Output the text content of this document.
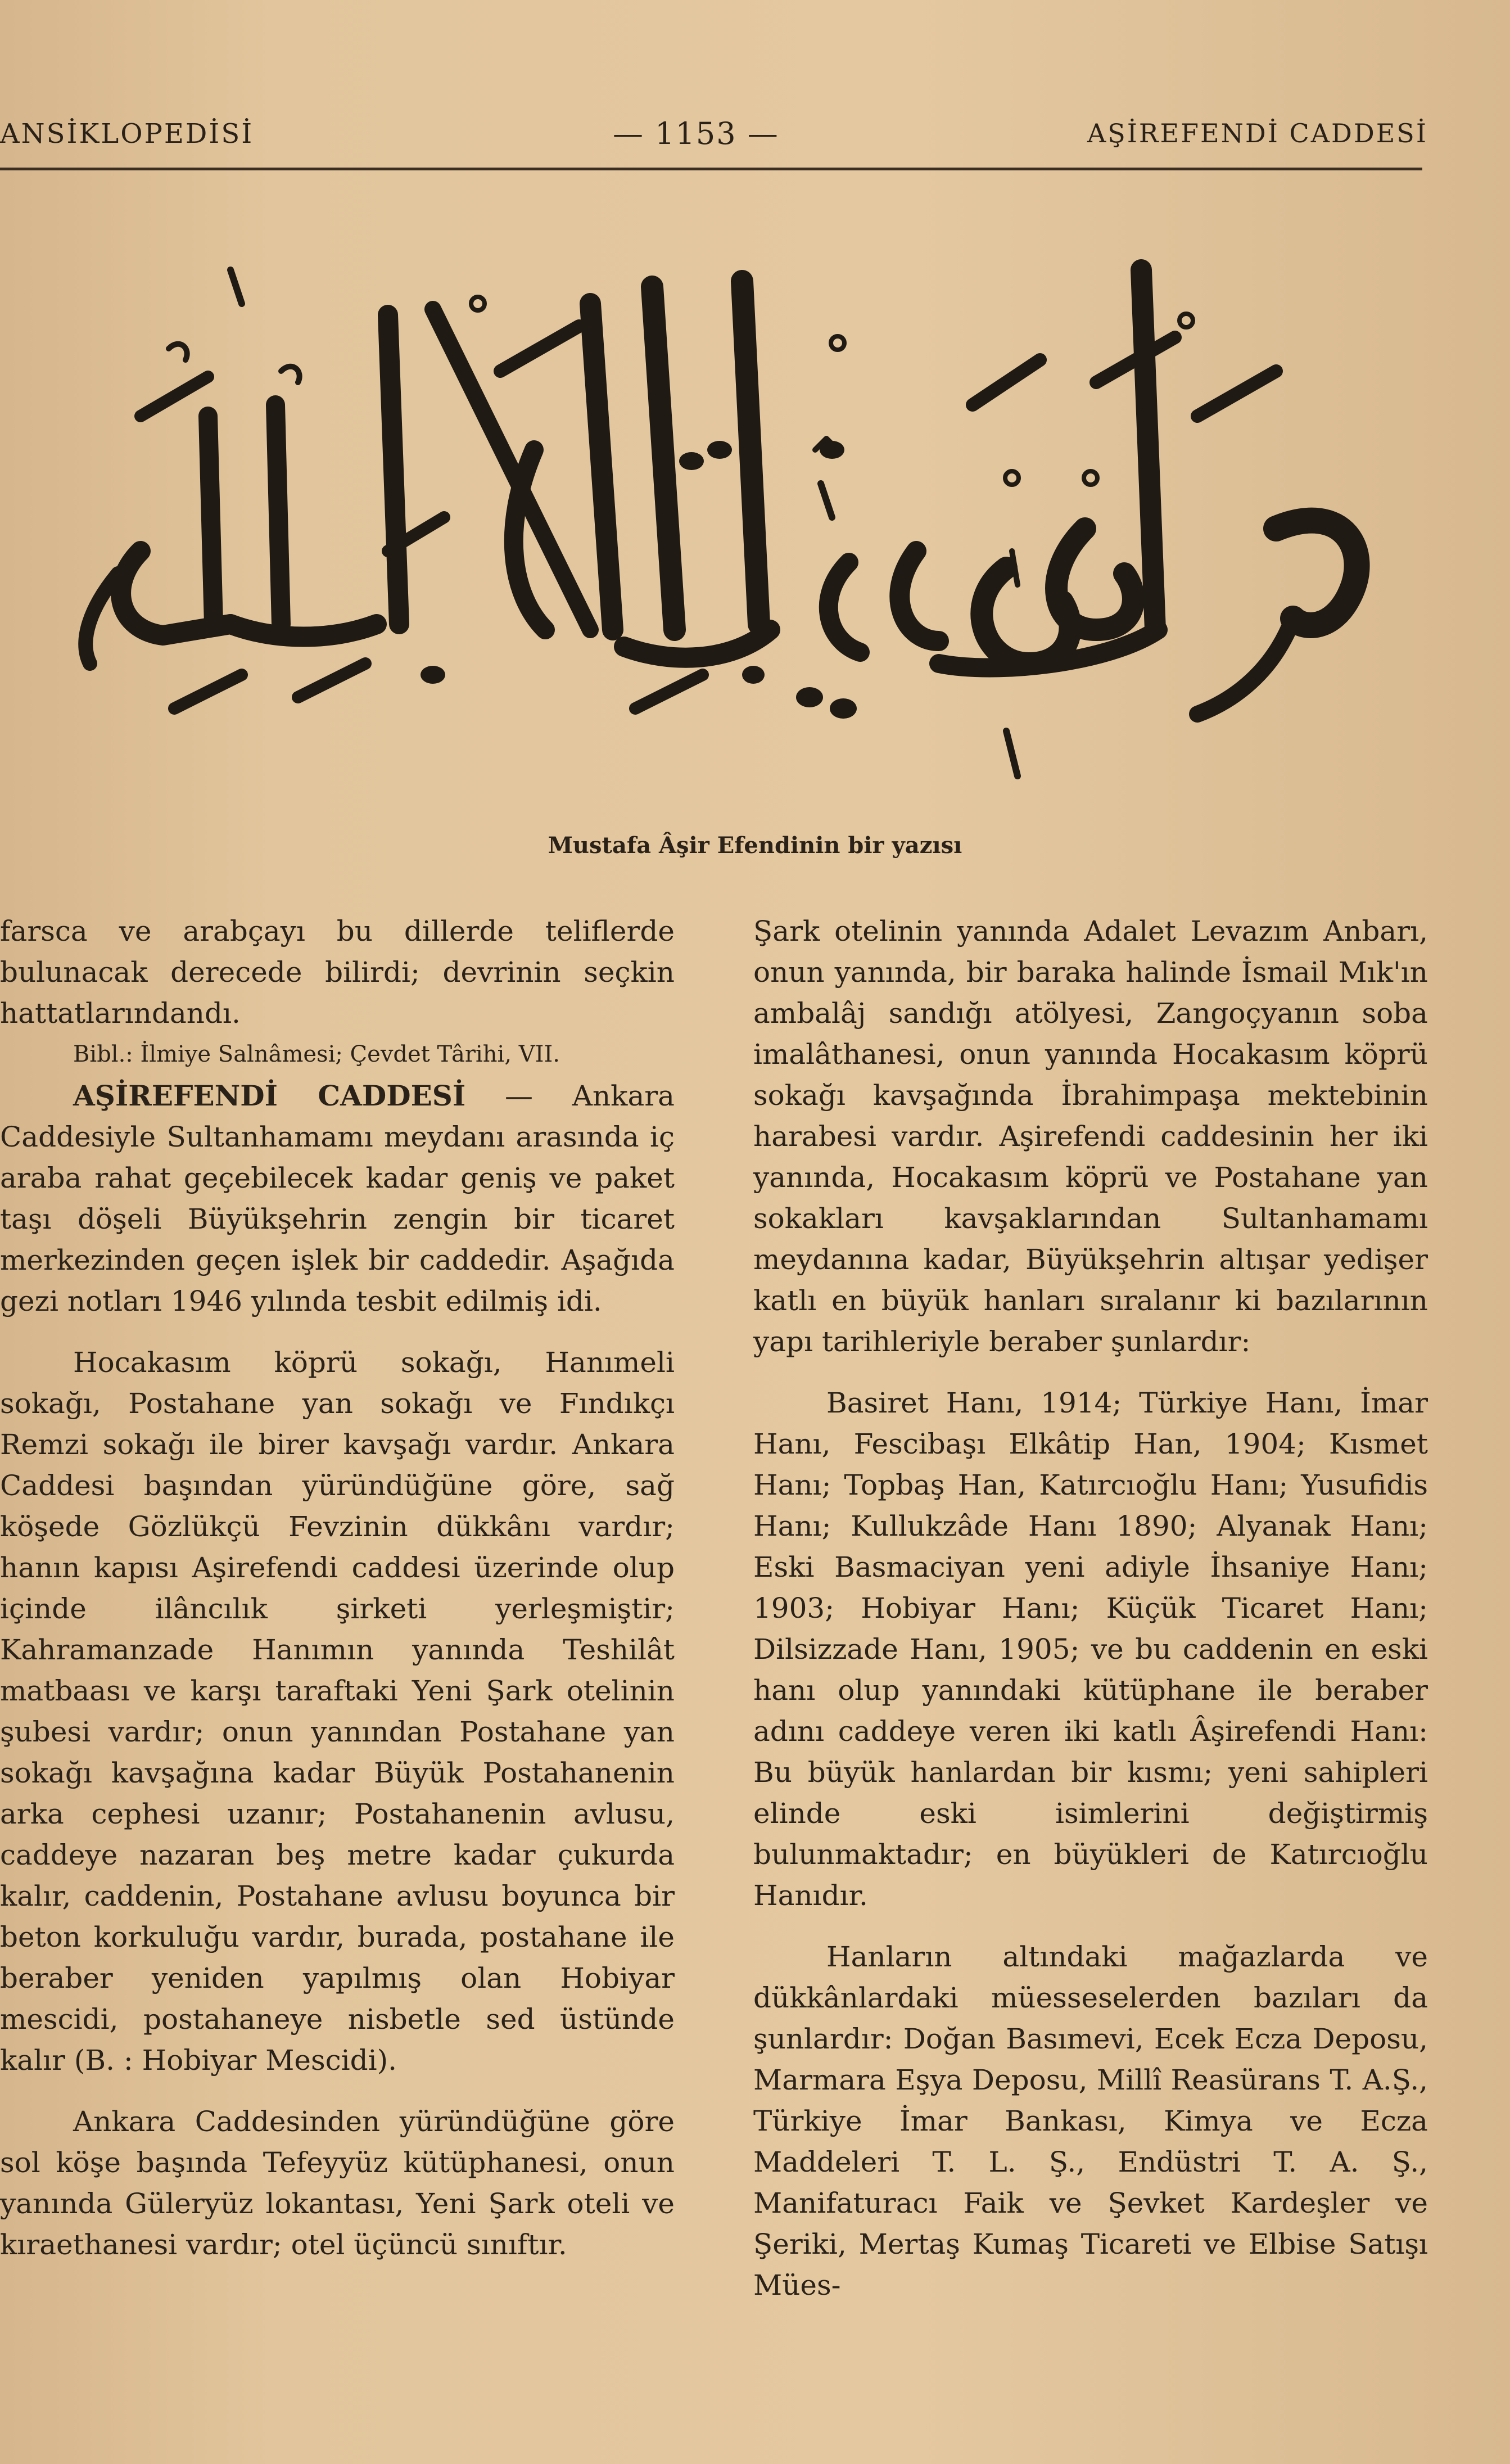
ANSİKLOPEDİSİ	— 1153 —	AŞİREFENDİ CADDESİ
Mustafa Âşir Efendinin bir yazısı

farsca ve arabçayı bu dillerde teliflerde bulunacak derecede bilirdi; devrinin seçkin hattatlarındandı.

Bibl.: İlmiye Salnâmesi; Çevdet Târihi, VII.

AŞİREFENDİ CADDESİ — Ankara Caddesiyle Sultanhamamı meydanı arasında iç araba rahat geçebilecek kadar geniş ve paket taşı döşeli Büyükşehrin zengin bir ticaret merkezinden geçen işlek bir caddedir. Aşağıda gezi notları 1946 yılında tesbit edilmiş idi.

Hocakasım köprü sokağı, Hanımeli sokağı, Postahane yan sokağı ve Fındıkçı Remzi sokağı ile birer kavşağı vardır. Ankara Caddesi başından yüründüğüne göre, sağ köşede Gözlükçü Fevzinin dükkânı vardır; hanın kapısı Aşirefendi caddesi üzerinde olup içinde ilâncılık şirketi yerleşmiştir; Kahramanzade Hanımın yanında Teshilât matbaası ve karşı taraftaki Yeni Şark otelinin şubesi vardır; onun yanından Postahane yan sokağı kavşağına kadar Büyük Postahanenin arka cephesi uzanır; Postahanenin avlusu, caddeye nazaran beş metre kadar çukurda kalır, caddenin, Postahane avlusu boyunca bir beton korkuluğu vardır, burada, postahane ile beraber yeniden yapılmış olan Hobiyar mescidi, postahaneye nisbetle sed üstünde kalır (B. : Hobiyar Mescidi).

Ankara Caddesinden yüründüğüne göre sol köşe başında Tefeyyüz kütüphanesi, onun yanında Güleryüz lokantası, Yeni Şark oteli ve kıraethanesi vardır; otel üçüncü sınıftır.

Şark otelinin yanında Adalet Levazım Anbarı, onun yanında, bir baraka halinde İsmail Mık'ın ambalâj sandığı atölyesi, Zangoçyanın soba imalâthanesi, onun yanında Hocakasım köprü sokağı kavşağında İbrahimpaşa mektebinin harabesi vardır. Aşirefendi caddesinin her iki yanında, Hocakasım köprü ve Postahane yan sokakları kavşaklarından Sultanhamamı meydanına kadar, Büyükşehrin altışar yedişer katlı en büyük hanları sıralanır ki bazılarının yapı tarihleriyle beraber şunlardır:

Basiret Hanı, 1914; Türkiye Hanı, İmar Hanı, Fescibaşı Elkâtip Han, 1904; Kısmet Hanı; Topbaş Han, Katırcıoğlu Hanı; Yusufidis Hanı; Kullukzâde Hanı 1890; Alyanak Hanı; Eski Basmaciyan yeni adiyle İhsaniye Hanı; 1903; Hobiyar Hanı; Küçük Ticaret Hanı; Dilsizzade Hanı, 1905; ve bu caddenin en eski hanı olup yanındaki kütüphane ile beraber adını caddeye veren iki katlı Âşirefendi Hanı: Bu büyük hanlardan bir kısmı; yeni sahipleri elinde eski isimlerini değiştirmiş bulunmaktadır; en büyükleri de Katırcıoğlu Hanıdır.

Hanların altındaki mağazlarda ve dükkânlardaki müesseselerden bazıları da şunlardır: Doğan Basımevi, Ecek Ecza Deposu, Marmara Eşya Deposu, Millî Reasürans T. A.Ş., Türkiye İmar Bankası, Kimya ve Ecza Maddeleri T. L. Ş., Endüstri T. A. Ş., Manifaturacı Faik ve Şevket Kardeşler ve Şeriki, Mertaş Kumaş Ticareti ve Elbise Satışı Mües-
